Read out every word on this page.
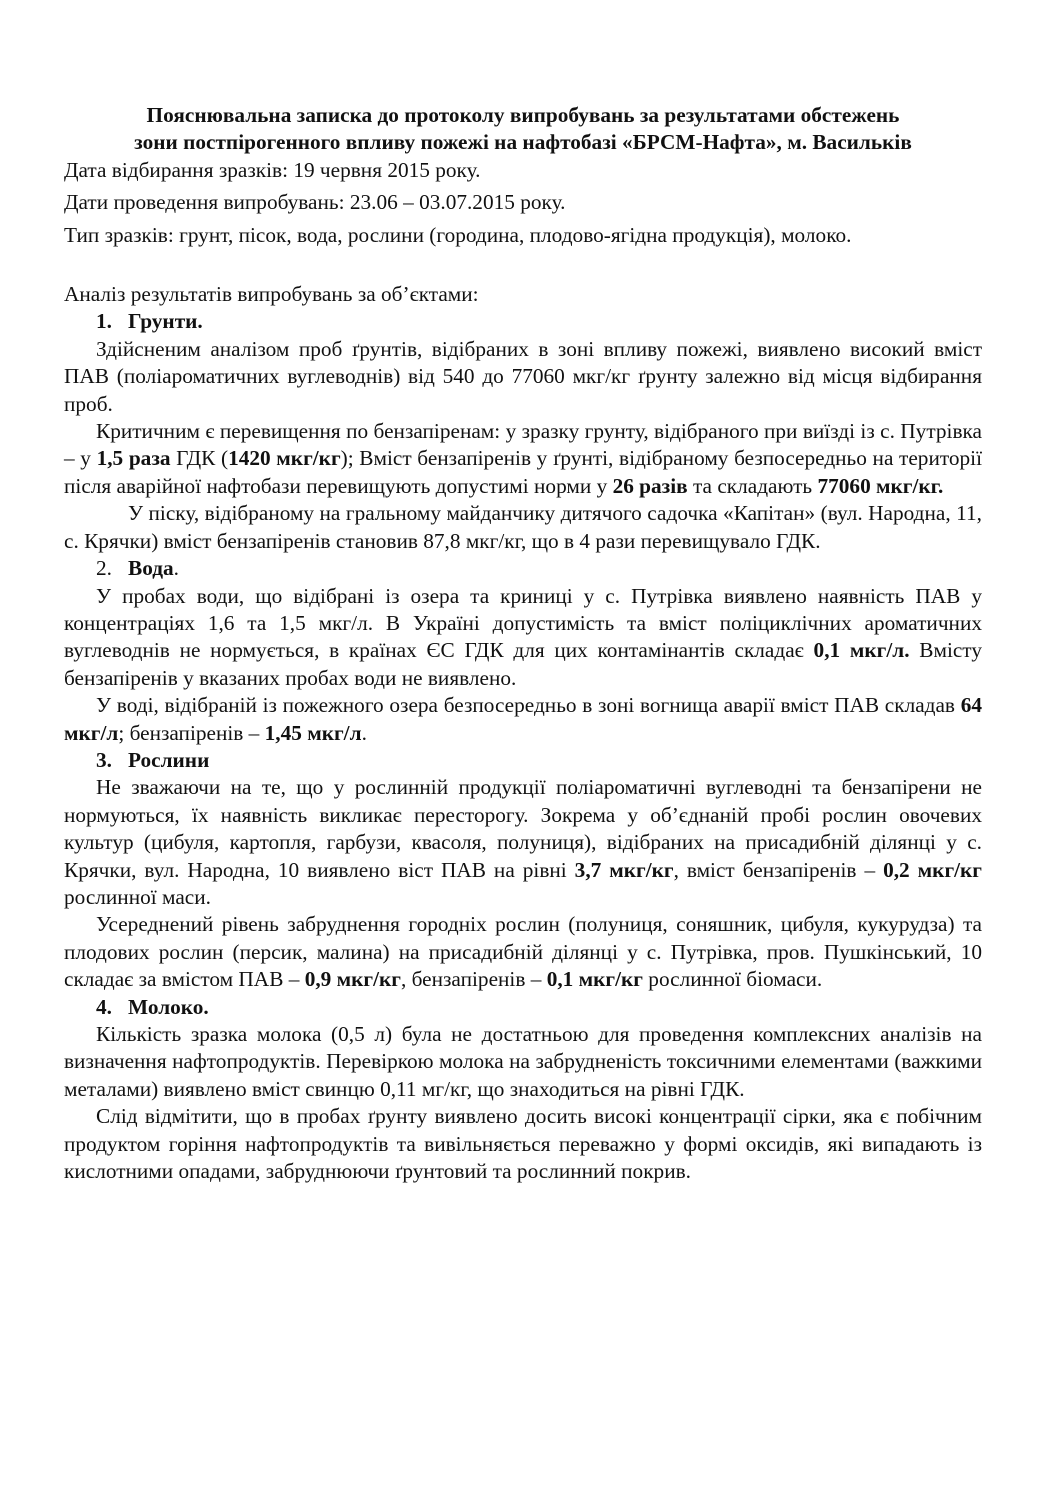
Пояснювальна записка до протоколу випробувань за результатами обстежень
зони постпірогенного впливу пожежі на нафтобазі «БРСМ-Нафта», м. Васильків

Дата відбирання зразків: 19 червня 2015 року.

Дати проведення випробувань: 23.06 – 03.07.2015 року.

Тип зразків: грунт, пісок, вода, рослини (городина, плодово-ягідна продукція), молоко.

Аналіз результатів випробувань за об’єктами:

1. Грунти.

Здійсненим аналізом проб ґрунтів, відібраних в зоні впливу пожежі, виявлено високий вміст ПАВ (поліароматичних вуглеводнів) від 540 до 77060 мкг/кг ґрунту залежно від місця відбирання проб.

Критичним є перевищення по бензапіренам: у зразку грунту, відібраного при виїзді із с. Путрівка – у 1,5 раза ГДК (1420 мкг/кг); Вміст бензапіренів у ґрунті, відібраному безпосередньо на території після аварійної нафтобази перевищують допустимі норми у 26 разів та складають 77060 мкг/кг.

У піску, відібраному на гральному майданчику дитячого садочка «Капітан» (вул. Народна, 11, с. Крячки) вміст бензапіренів становив 87,8 мкг/кг, що в 4 рази перевищувало ГДК.

2. Вода.

У пробах води, що відібрані із озера та криниці у с. Путрівка виявлено наявність ПАВ у концентраціях 1,6 та 1,5 мкг/л. В Україні допустимість та вміст поліциклічних ароматичних вуглеводнів не нормується, в країнах ЄС ГДК для цих контамінантів складає 0,1 мкг/л. Вмісту бензапіренів у вказаних пробах води не виявлено.

У воді, відібраній із пожежного озера безпосередньо в зоні вогнища аварії вміст ПАВ складав 64 мкг/л; бензапіренів – 1,45 мкг/л.

3. Рослини

Не зважаючи на те, що у рослинній продукції поліароматичні вуглеводні та бензапірени не нормуються, їх наявність викликає пересторогу. Зокрема у об’єднаній пробі рослин овочевих культур (цибуля, картопля, гарбузи, квасоля, полуниця), відібраних на присадибній ділянці у с. Крячки, вул. Народна, 10 виявлено віст ПАВ на рівні 3,7 мкг/кг, вміст бензапіренів – 0,2 мкг/кг рослинної маси.

Усереднений рівень забруднення городніх рослин (полуниця, соняшник, цибуля, кукурудза) та плодових рослин (персик, малина) на присадибній ділянці у с. Путрівка, пров. Пушкінський, 10 складає за вмістом ПАВ – 0,9 мкг/кг, бензапіренів – 0,1 мкг/кг рослинної біомаси.

4. Молоко.

Кількість зразка молока (0,5 л) була не достатньою для проведення комплексних аналізів на визначення нафтопродуктів. Перевіркою молока на забрудненість токсичними елементами (важкими металами) виявлено вміст свинцю 0,11 мг/кг, що знаходиться на рівні ГДК.

Слід відмітити, що в пробах ґрунту виявлено досить високі концентрації сірки, яка є побічним продуктом горіння нафтопродуктів та вивільняється переважно у формі оксидів, які випадають із кислотними опадами, забруднюючи ґрунтовий та рослинний покрив.
